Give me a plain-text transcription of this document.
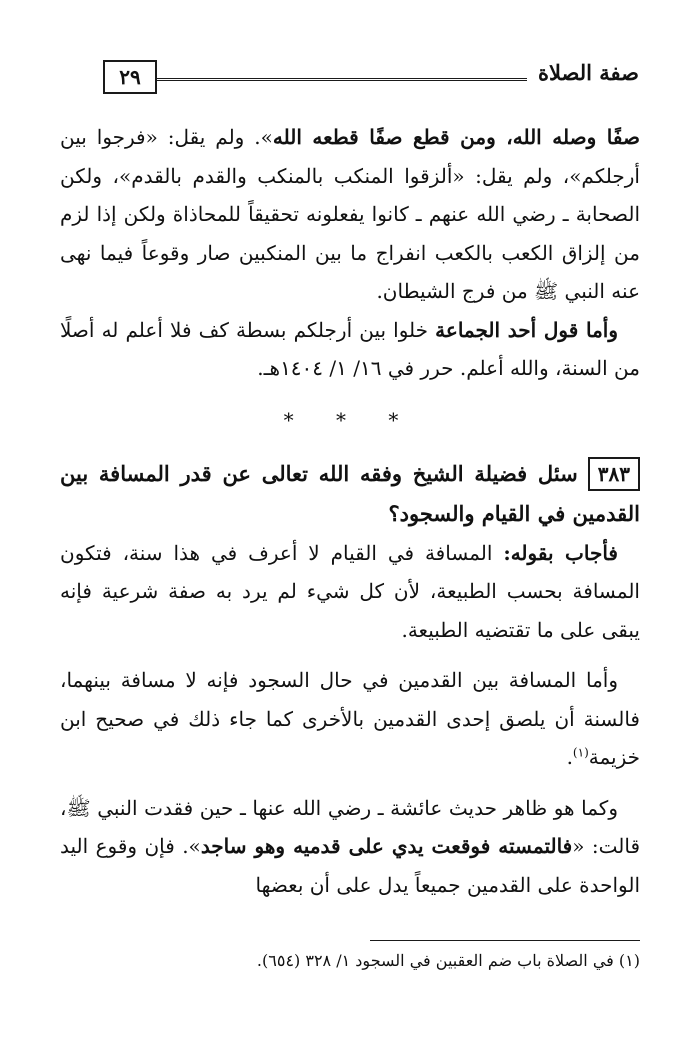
صفة الصلاة
٢٩

صفًا وصله الله، ومن قطع صفًا قطعه الله». ولم يقل: «فرجوا بين أرجلكم»، ولم يقل: «ألزقوا المنكب بالمنكب والقدم بالقدم»، ولكن الصحابة ـ رضي الله عنهم ـ كانوا يفعلونه تحقيقاً للمحاذاة ولكن إذا لزم من إلزاق الكعب بالكعب انفراج ما بين المنكبين صار وقوعاً فيما نهى عنه النبي ﷺ من فرج الشيطان.

وأما قول أحد الجماعة خلوا بين أرجلكم بسطة كف فلا أعلم له أصلًا من السنة، والله أعلم. حرر في ١٦/ ١/ ١٤٠٤هـ.

* * *

٣٨٣سئل فضيلة الشيخ وفقه الله تعالى عن قدر المسافة بين القدمين في القيام والسجود؟

فأجاب بقوله: المسافة في القيام لا أعرف في هذا سنة، فتكون المسافة بحسب الطبيعة، لأن كل شيء لم يرد به صفة شرعية فإنه يبقى على ما تقتضيه الطبيعة.

وأما المسافة بين القدمين في حال السجود فإنه لا مسافة بينهما، فالسنة أن يلصق إحدى القدمين بالأخرى كما جاء ذلك في صحيح ابن خزيمة$^{(١)}$.

وكما هو ظاهر حديث عائشة ـ رضي الله عنها ـ حين فقدت النبي ﷺ، قالت: «فالتمسته فوقعت يدي على قدميه وهو ساجد». فإن وقوع اليد الواحدة على القدمين جميعاً يدل على أن بعضها

(١) في الصلاة باب ضم العقبين في السجود ١/ ٣٢٨ (٦٥٤).
